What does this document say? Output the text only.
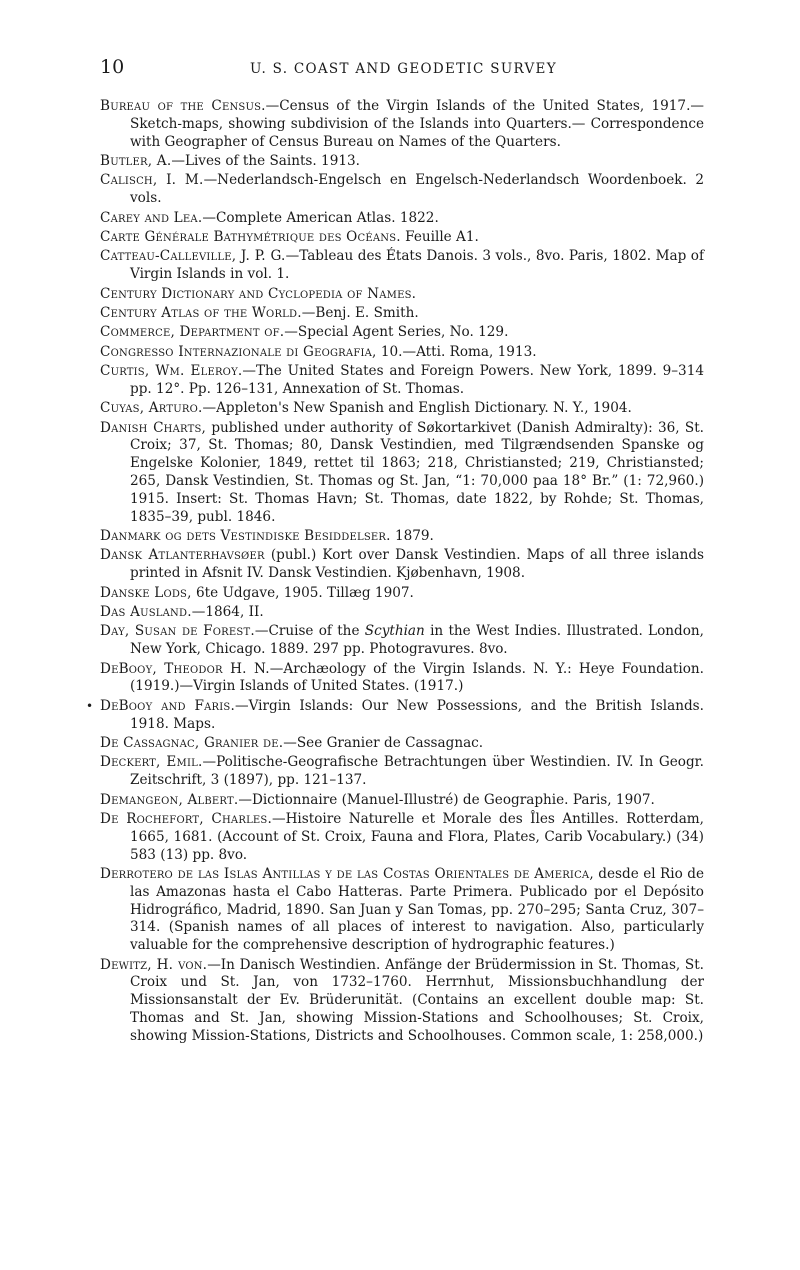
10	U. S. COAST AND GEODETIC SURVEY
Bureau of the Census.—Census of the Virgin Islands of the United States, 1917.—Sketch-maps, showing subdivision of the Islands into Quarters.— Correspondence with Geographer of Census Bureau on Names of the Quarters.
Butler, A.—Lives of the Saints. 1913.
Calisch, I. M.—Nederlandsch-Engelsch en Engelsch-Nederlandsch Woordenboek. 2 vols.
Carey and Lea.—Complete American Atlas. 1822.
Carte Générale Bathymétrique des Océans. Feuille A1.
Catteau-Calleville, J. P. G.—Tableau des États Danois. 3 vols., 8vo. Paris, 1802. Map of Virgin Islands in vol. 1.
Century Dictionary and Cyclopedia of Names.
Century Atlas of the World.—Benj. E. Smith.
Commerce, Department of.—Special Agent Series, No. 129.
Congresso Internazionale di Geografia, 10.—Atti. Roma, 1913.
Curtis, Wm. Eleroy.—The United States and Foreign Powers. New York, 1899. 9–314 pp. 12°. Pp. 126–131, Annexation of St. Thomas.
Cuyas, Arturo.—Appleton's New Spanish and English Dictionary. N. Y., 1904.
Danish Charts, published under authority of Søkortarkivet (Danish Admiralty): 36, St. Croix; 37, St. Thomas; 80, Dansk Vestindien, med Tilgrændsenden Spanske og Engelske Kolonier, 1849, rettet til 1863; 218, Christiansted; 219, Christiansted; 265, Dansk Vestindien, St. Thomas og St. Jan, “1: 70,000 paa 18° Br.” (1: 72,960.) 1915. Insert: St. Thomas Havn; St. Thomas, date 1822, by Rohde; St. Thomas, 1835–39, publ. 1846.
Danmark og dets Vestindiske Besiddelser. 1879.
Dansk Atlanterhavsøer (publ.) Kort over Dansk Vestindien. Maps of all three islands printed in Afsnit IV. Dansk Vestindien. Kjøbenhavn, 1908.
Danske Lods, 6te Udgave, 1905. Tillæg 1907.
Das Ausland.—1864, II.
Day, Susan de Forest.—Cruise of the Scythian in the West Indies. Illustrated. London, New York, Chicago. 1889. 297 pp. Photogravures. 8vo.
DeBooy, Theodor H. N.—Archæology of the Virgin Islands. N. Y.: Heye Foundation. (1919.)—Virgin Islands of United States. (1917.)
• DeBooy and Faris.—Virgin Islands: Our New Possessions, and the British Islands. 1918. Maps.
De Cassagnac, Granier de.—See Granier de Cassagnac.
Deckert, Emil.—Politische-Geografische Betrachtungen über Westindien. IV. In Geogr. Zeitschrift, 3 (1897), pp. 121–137.
Demangeon, Albert.—Dictionnaire (Manuel-Illustré) de Geographie. Paris, 1907.
De Rochefort, Charles.—Histoire Naturelle et Morale des Îles Antilles. Rotterdam, 1665, 1681. (Account of St. Croix, Fauna and Flora, Plates, Carib Vocabulary.) (34) 583 (13) pp. 8vo.
Derrotero de las Islas Antillas y de las Costas Orientales de America, desde el Rio de las Amazonas hasta el Cabo Hatteras. Parte Primera. Publicado por el Depósito Hidrográfico, Madrid, 1890. San Juan y San Tomas, pp. 270–295; Santa Cruz, 307–314. (Spanish names of all places of interest to navigation. Also, particularly valuable for the comprehensive description of hydrographic features.)
Dewitz, H. von.—In Danisch Westindien. Anfänge der Brüdermission in St. Thomas, St. Croix und St. Jan, von 1732–1760. Herrnhut, Missionsbuchhandlung der Missionsanstalt der Ev. Brüderunität. (Contains an excellent double map: St. Thomas and St. Jan, showing Mission-Stations and Schoolhouses; St. Croix, showing Mission-Stations, Districts and Schoolhouses. Common scale, 1: 258,000.)
